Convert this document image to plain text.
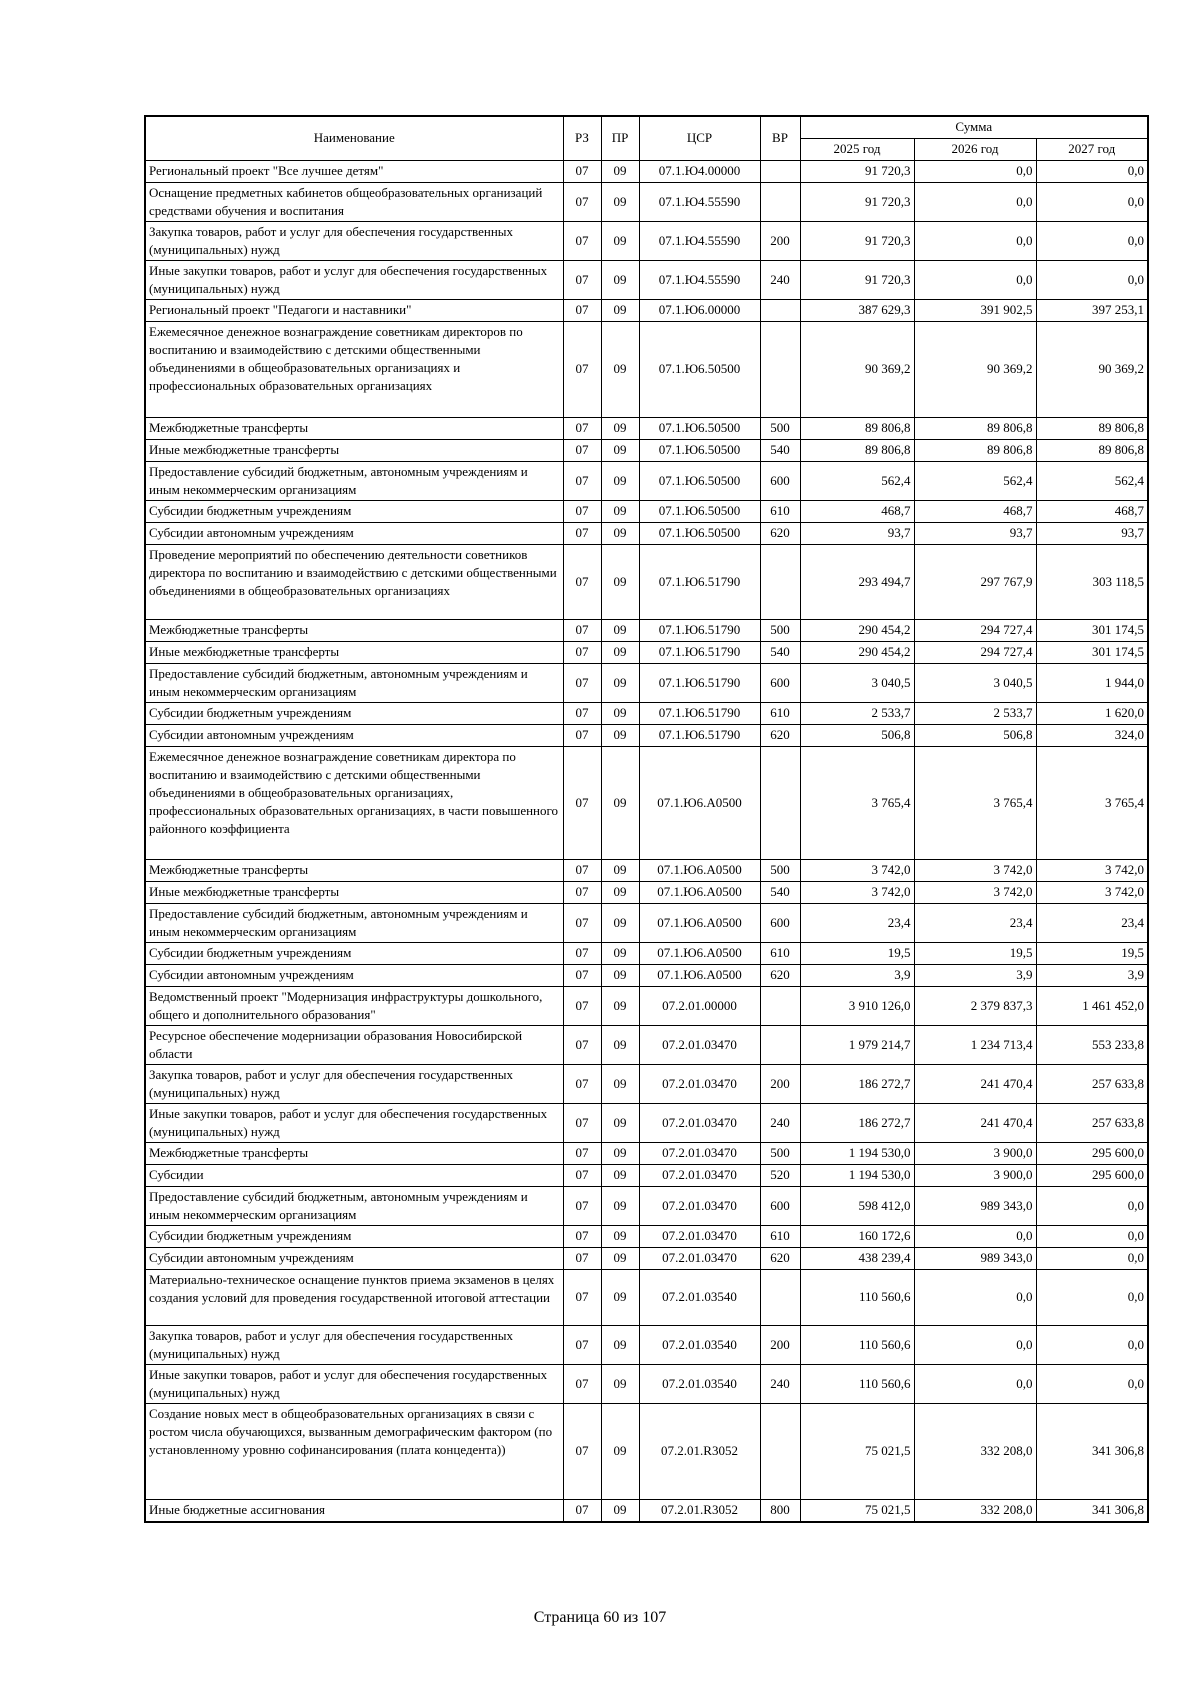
Наименование	РЗ	ПР	ЦСР	ВР	Сумма		
					2025 год	2026 год	2027 год
Региональный проект "Все лучшее детям"	07	09	07.1.Ю4.00000		91 720,3	0,0	0,0
Оснащение предметных кабинетов общеобразовательных организаций средствами обучения и воспитания	07	09	07.1.Ю4.55590		91 720,3	0,0	0,0
Закупка товаров, работ и услуг для обеспечения государственных (муниципальных) нужд	07	09	07.1.Ю4.55590	200	91 720,3	0,0	0,0
Иные закупки товаров, работ и услуг для обеспечения государственных (муниципальных) нужд	07	09	07.1.Ю4.55590	240	91 720,3	0,0	0,0
Региональный проект "Педагоги и наставники"	07	09	07.1.Ю6.00000		387 629,3	391 902,5	397 253,1
Ежемесячное денежное вознаграждение советникам директоров по воспитанию и взаимодействию с детскими общественными объединениями в общеобразовательных организациях и профессиональных образовательных организациях	07	09	07.1.Ю6.50500		90 369,2	90 369,2	90 369,2
Межбюджетные трансферты	07	09	07.1.Ю6.50500	500	89 806,8	89 806,8	89 806,8
Иные межбюджетные трансферты	07	09	07.1.Ю6.50500	540	89 806,8	89 806,8	89 806,8
Предоставление субсидий бюджетным, автономным учреждениям и иным некоммерческим организациям	07	09	07.1.Ю6.50500	600	562,4	562,4	562,4
Субсидии бюджетным учреждениям	07	09	07.1.Ю6.50500	610	468,7	468,7	468,7
Субсидии автономным учреждениям	07	09	07.1.Ю6.50500	620	93,7	93,7	93,7
Проведение мероприятий по обеспечению деятельности советников директора по воспитанию и взаимодействию с детскими общественными объединениями в общеобразовательных организациях	07	09	07.1.Ю6.51790		293 494,7	297 767,9	303 118,5
Межбюджетные трансферты	07	09	07.1.Ю6.51790	500	290 454,2	294 727,4	301 174,5
Иные межбюджетные трансферты	07	09	07.1.Ю6.51790	540	290 454,2	294 727,4	301 174,5
Предоставление субсидий бюджетным, автономным учреждениям и иным некоммерческим организациям	07	09	07.1.Ю6.51790	600	3 040,5	3 040,5	1 944,0
Субсидии бюджетным учреждениям	07	09	07.1.Ю6.51790	610	2 533,7	2 533,7	1 620,0
Субсидии автономным учреждениям	07	09	07.1.Ю6.51790	620	506,8	506,8	324,0
Ежемесячное денежное вознаграждение советникам директора по воспитанию и взаимодействию с детскими общественными объединениями в общеобразовательных организациях, профессиональных образовательных организациях, в части повышенного районного коэффициента	07	09	07.1.Ю6.А0500		3 765,4	3 765,4	3 765,4
Межбюджетные трансферты	07	09	07.1.Ю6.А0500	500	3 742,0	3 742,0	3 742,0
Иные межбюджетные трансферты	07	09	07.1.Ю6.А0500	540	3 742,0	3 742,0	3 742,0
Предоставление субсидий бюджетным, автономным учреждениям и иным некоммерческим организациям	07	09	07.1.Ю6.А0500	600	23,4	23,4	23,4
Субсидии бюджетным учреждениям	07	09	07.1.Ю6.А0500	610	19,5	19,5	19,5
Субсидии автономным учреждениям	07	09	07.1.Ю6.А0500	620	3,9	3,9	3,9
Ведомственный проект "Модернизация инфраструктуры дошкольного, общего и дополнительного образования"	07	09	07.2.01.00000		3 910 126,0	2 379 837,3	1 461 452,0
Ресурсное обеспечение модернизации образования Новосибирской области	07	09	07.2.01.03470		1 979 214,7	1 234 713,4	553 233,8
Закупка товаров, работ и услуг для обеспечения государственных (муниципальных) нужд	07	09	07.2.01.03470	200	186 272,7	241 470,4	257 633,8
Иные закупки товаров, работ и услуг для обеспечения государственных (муниципальных) нужд	07	09	07.2.01.03470	240	186 272,7	241 470,4	257 633,8
Межбюджетные трансферты	07	09	07.2.01.03470	500	1 194 530,0	3 900,0	295 600,0
Субсидии	07	09	07.2.01.03470	520	1 194 530,0	3 900,0	295 600,0
Предоставление субсидий бюджетным, автономным учреждениям и иным некоммерческим организациям	07	09	07.2.01.03470	600	598 412,0	989 343,0	0,0
Субсидии бюджетным учреждениям	07	09	07.2.01.03470	610	160 172,6	0,0	0,0
Субсидии автономным учреждениям	07	09	07.2.01.03470	620	438 239,4	989 343,0	0,0
Материально-техническое оснащение пунктов приема экзаменов в целях создания условий для проведения государственной итоговой аттестации	07	09	07.2.01.03540		110 560,6	0,0	0,0
Закупка товаров, работ и услуг для обеспечения государственных (муниципальных) нужд	07	09	07.2.01.03540	200	110 560,6	0,0	0,0
Иные закупки товаров, работ и услуг для обеспечения государственных (муниципальных) нужд	07	09	07.2.01.03540	240	110 560,6	0,0	0,0
Создание новых мест в общеобразовательных организациях в связи с ростом числа обучающихся, вызванным демографическим фактором (по установленному уровню софинансирования (плата концедента))	07	09	07.2.01.R3052		75 021,5	332 208,0	341 306,8
Иные бюджетные ассигнования	07	09	07.2.01.R3052	800	75 021,5	332 208,0	341 306,8
Страница 60 из 107
